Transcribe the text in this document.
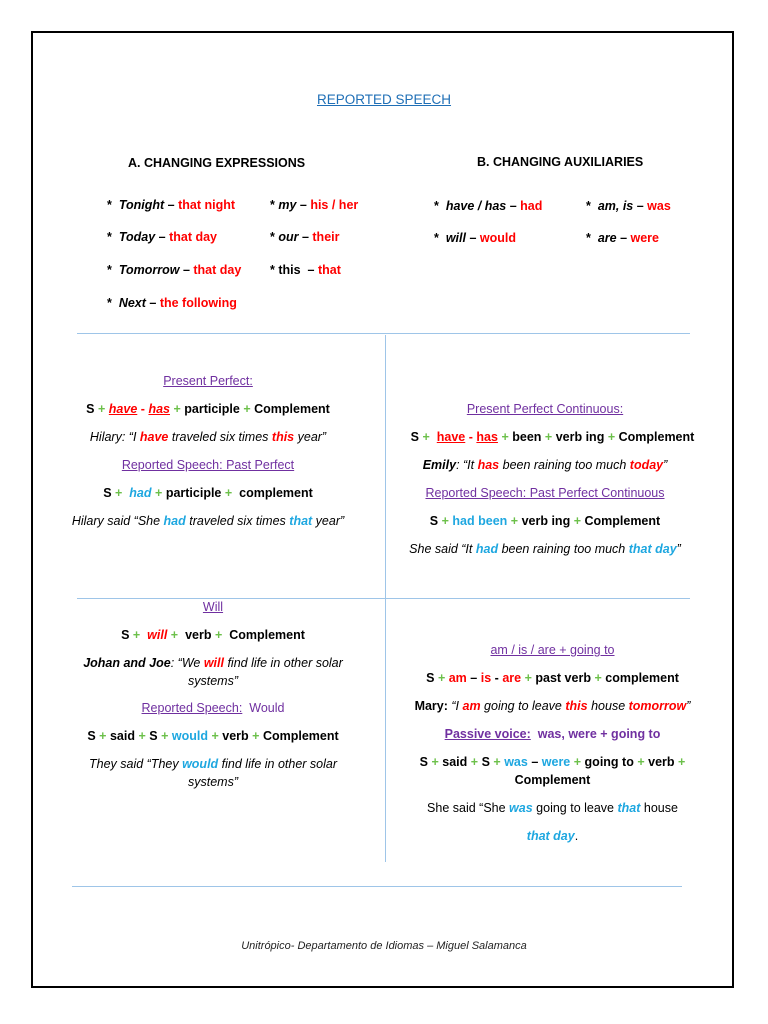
REPORTED SPEECH
A. CHANGING EXPRESSIONS
*  Tonight – that night
*  Today – that day
*  Tomorrow – that day
*  Next – the following
* my – his / her
* our – their
* this  – that
B. CHANGING AUXILIARIES
*  have / has – had
*  will – would
*  am, is – was
*  are – were
Present Perfect:
S + have - has + participle + Complement
Hilary: “I have traveled six times this year”
Reported Speech: Past Perfect
S + had + participle + complement
Hilary said “She had traveled six times that year”
Present Perfect Continuous:
S + have - has + been + verb ing + Complement
Emily: “It has been raining too much today”
Reported Speech: Past Perfect Continuous
S + had been + verb ing + Complement
She said “It had been raining too much that day”
Will
S + will + verb + Complement
Johan and Joe: “We will find life in other solar
systems”
Reported Speech: Would
S + said + S + would + verb + Complement
They said “They would find life in other solar
systems”
am / is / are + going to
S + am – is - are + past verb + complement
Mary: “I am going to leave this house tomorrow”
Passive voice: was, were + going to
S + said + S + was – were + going to + verb +
Complement
She said “She was going to leave that house
that day.
Unitrópico- Departamento de Idiomas – Miguel Salamanca
